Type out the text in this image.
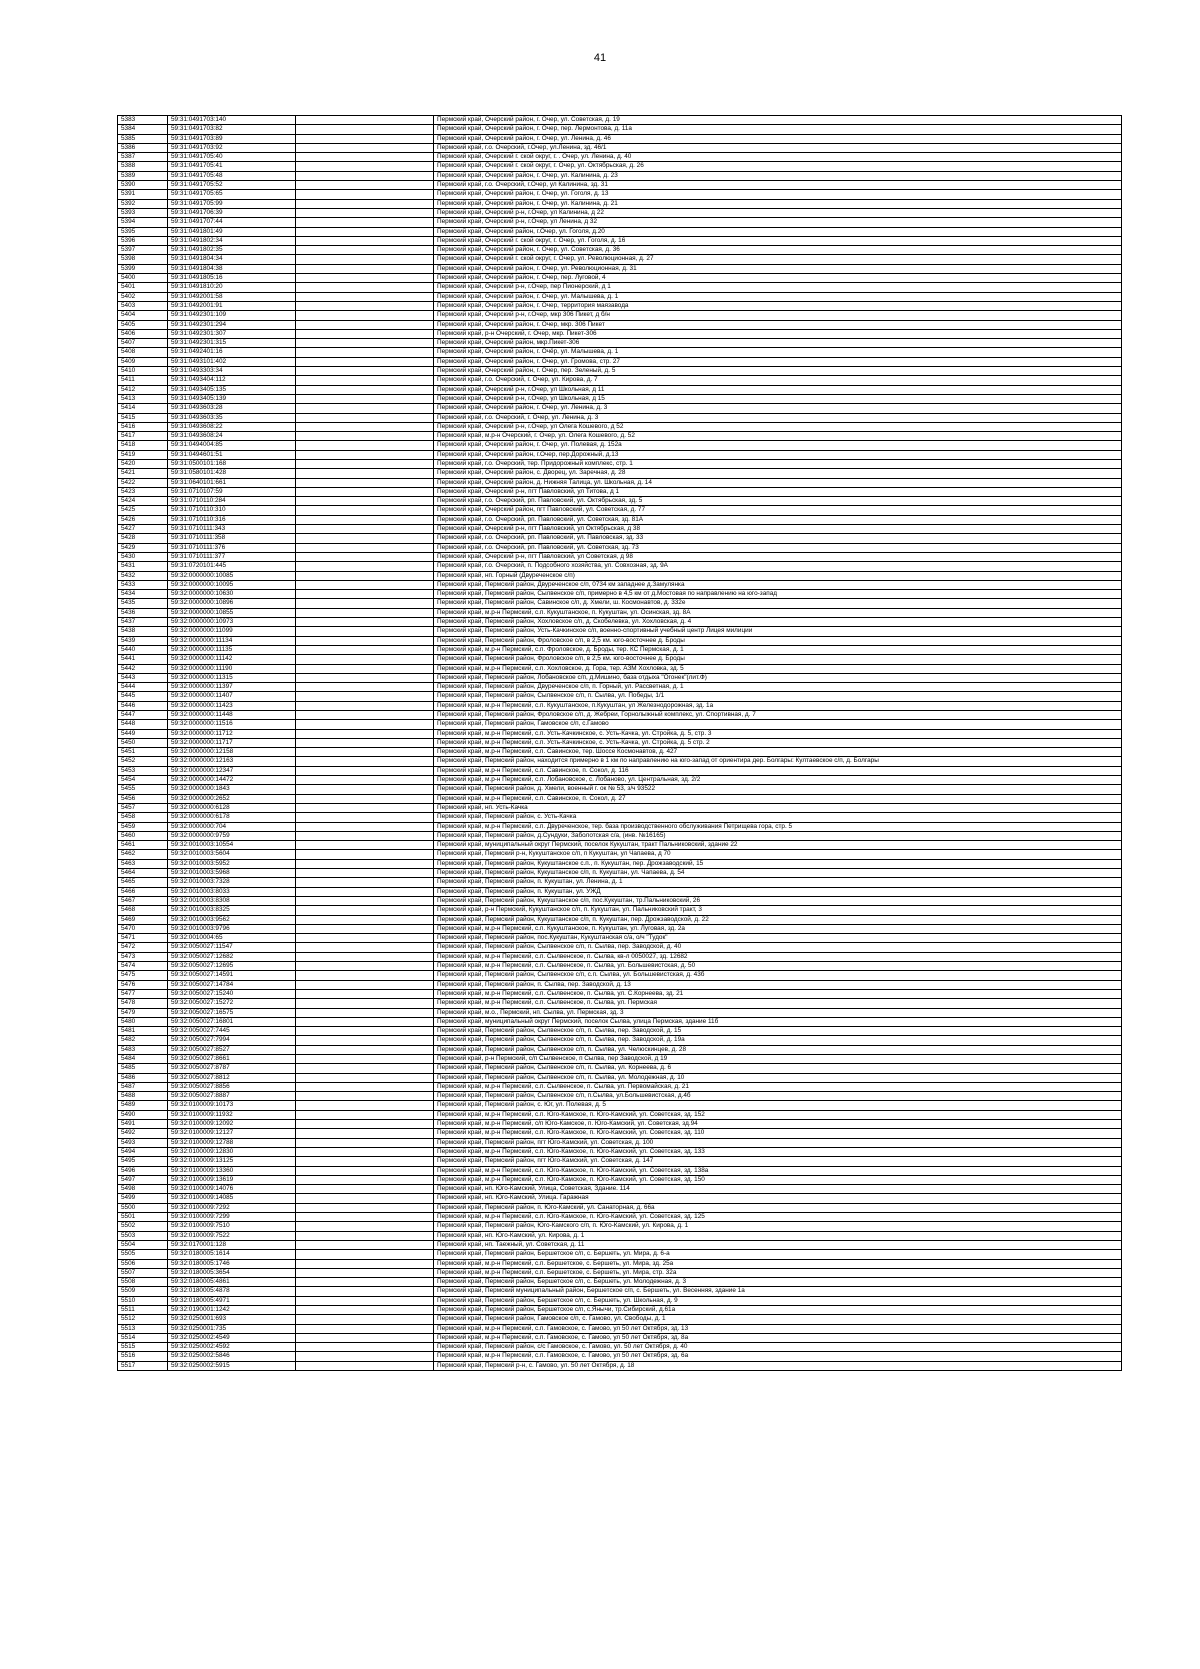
41
5383	59:31:0491703:140		Пермский край, Очерский район, г. Очер, ул. Советская, д. 19
5384	59:31:0491703:82		Пермский край, Очерский район, г. Очер, пер. Лермонтова, д. 11а
5385	59:31:0491703:89		Пермский край, Очерский район, г. Очер, ул. Ленина, д. 46
5386	59:31:0491703:92		Пермский край, г.о. Очерский, г.Очер, ул.Ленина, зд. 46/1
5387	59:31:0491705:40		Пермский край, Очерский г. ской округ, г. . Очер, ул. Ленина, д. 40
5388	59:31:0491705:41		Пермский край, Очерский г. ской округ, г. Очер, ул. Октябрьская, д. 26
5389	59:31:0491705:48		Пермский край, Очерский район, г. Очер, ул. Калинина, д. 23
5390	59:31:0491705:52		Пермский край, г.о. Очерский, г.Очер, ул Калинина, зд. 31
5391	59:31:0491705:65		Пермский край, Очерский район, г. Очер, ул. Гоголя, д. 13
5392	59:31:0491705:99		Пермский край, Очерский район, г. Очер, ул. Калинина, д. 21
5393	59:31:0491706:39		Пермский край, Очерский р-н, г.Очер, ул Калинина, д 22
5394	59:31:0491707:44		Пермский край, Очерский р-н, г.Очер, ул Ленина, д 32
5395	59:31:0491801:49		Пермский край, Очерский район, г.Очер, ул. Гоголя, д.20
5396	59:31:0491802:34		Пермский край, Очерский г. ской округ, г. Очер, ул. Гоголя, д. 16
5397	59:31:0491802:35		Пермский край, Очерский район, г. Очер, ул. Советская, д. 36
5398	59:31:0491804:34		Пермский край, Очерский г. ской округ, г. Очер, ул. Революционная, д. 27
5399	59:31:0491804:38		Пермский край, Очерский район, г. Очер, ул. Революционная, д. 31
5400	59:31:0491805:16		Пермский край, Очерский район, г. Очер, пер. Луговой, 4
5401	59:31:0491810:20		Пермский край, Очерский р-н, г.Очер, пер Пионерский, д 1
5402	59:31:0492001:58		Пермский край, Очерский район, г. Очер, ул. Малышева, д. 1
5403	59:31:0492001:91		Пермский край, Очерский район, г. Очер, территория маязавода
5404	59:31:0492301:109		Пермский край, Очерский р-н, г.Очер, мкр 306 Пикет, д б/н
5405	59:31:0492301:294		Пермский край, Очерский район, г. Очер, мкр. 306 Пикет
5406	59:31:0492301:307		Пермский край, р-н Очерский, г. Очер, мкр. Пикет-306
5407	59:31:0492301:315		Пермский край, Очерский район, мкр.Пикет-306
5408	59:31:0492401:16		Пермский край, Очерский район, г. Очёр, ул. Малышева, д. 1
5409	59:31:0493101:402		Пермский край, Очерский район, г. Очер, ул. Громова, стр. 27
5410	59:31:0493303:34		Пермский край, Очерский район, г. Очер, пер. Зеленый, д. 5
5411	59:31:0493404:112		Пермский край, г.о. Очерский, г. Очер, ул. Кирова, д. 7
5412	59:31:0493405:135		Пермский край, Очерский р-н, г.Очер, ул Школьная, д 11
5413	59:31:0493405:139		Пермский край, Очерский р-н, г.Очер, ул Школьная, д 15
5414	59:31:0493603:28		Пермский край, Очерский район, г. Очер, ул. Ленина, д. 3
5415	59:31:0493603:35		Пермский край, г.о. Очерский, г. Очер, ул. Ленина, д. 3
5416	59:31:0493608:22		Пермский край, Очерский р-н, г.Очер, ул Олега Кошевого, д 52
5417	59:31:0493608:24		Пермский край, м.р-н Очерский, г. Очер, ул. Олега Кошевого, д. 52
5418	59:31:0494004:85		Пермский край, Очерский район, г. Очер, ул. Полевая, д. 152а
5419	59:31:0494601:51		Пермский край, Очерский район, г.Очер, пер.Дорожный, д.13
5420	59:31:0500101:168		Пермский край, г.о. Очерский, тер. Придорожный комплекс, стр. 1
5421	59:31:0580101:428		Пермский край, Очерский район, с. Дворец, ул. Заречная, д. 28
5422	59:31:0640101:661		Пермский край, Очерский район, д. Нижняя Талица, ул. Школьная, д. 14
5423	59:31:0710107:59		Пермский край, Очерский р-н, пгт Павловский, ул Титова, д 1
5424	59:31:0710110:284		Пермский край, г.о. Очерский, рп. Павловский, ул. Октябрьская, зд. 5
5425	59:31:0710110:310		Пермский край, Очерский район, пгт Павловский, ул. Советская, д. 77
5426	59:31:0710110:316		Пермский край, г.о. Очерский, рп. Павловский, ул. Советская, зд. 81А
5427	59:31:0710111:343		Пермский край, Очерский р-н, пгт Павловский, ул Октябрьская, д 38
5428	59:31:0710111:358		Пермский край, г.о. Очерский, рп. Павловский, ул. Павловская, зд. 33
5429	59:31:0710111:376		Пермский край, г.о. Очерский, рп. Павловский, ул. Советская, зд. 73
5430	59:31:0710111:377		Пермский край, Очерский р-н, пгт Павловский, ул Советская, д 98
5431	59:31:0720101:445		Пермский край, г.о. Очерский, п. Подсобного хозяйства, ул. Совхозная, зд. 9А
5432	59:32:0000000:10085		Пермский край, нп. Горный (Двуреченское с/п)
5433	59:32:0000000:10095		Пермский край, Пермский район, Двуреченское с/п, 0734 км западнее д.Замулянка
5434	59:32:0000000:10630		Пермский край, Пермский район, Сылвенское с/п, примерно в 4,5 км от д.Мостовая по направлению на юго-запад
5435	59:32:0000000:10896		Пермский край, Пермский район, Савинское с/п, д. Хмели, ш. Космонавтов, д. 332е
5436	59:32:0000000:10855		Пермский край, м.р-н Пермский, с.п. Кукуштанское, п. Кукуштан, ул. Осинская, зд. 8А
5437	59:32:0000000:10973		Пермский край, Пермский район, Хохловское с/п, д. Скобелевка, ул. Хохловская, д. 4
5438	59:32:0000000:11099		Пермский край, Пермский район, Усть-Качкинское с/п, военно-спортивный учебный центр Лицея милиции
5439	59:32:0000000:11134		Пермский край, Пермский район, Фроловское с/п, в 2,5 км. юго-восточнее д. Броды
5440	59:32:0000000:11135		Пермский край, м.р-н Пермский, с.п. Фроловское, д. Броды, тер. КС Пермская, д. 1
5441	59:32:0000000:11142		Пермский край, Пермский район, Фроловское с/п, в 2,5 км. юго-восточнее д. Броды
5442	59:32:0000000:11190		Пермский край, м.р-н Пермский, с.п. Хохловское, д. Гора, тер. АЗМ Хохловка, зд. 5
5443	59:32:0000000:11315		Пермский край, Пермский район, Лобановское с/п, д.Мишино, база отдыха "Огонек"(лит.Ф)
5444	59:32:0000000:11397		Пермский край, Пермский район, Двуреченское с/п, п. Горный, ул. Рассветная, д. 1
5445	59:32:0000000:11407		Пермский край, Пермский район, Сылвенское с/п, п. Сылва, ул. Победы, 1/1
5446	59:32:0000000:11423		Пермский край, м.р-н Пермский, с.п. Кукуштанское, п.Кукуштан, ул Железнодорожная, зд. 1а
5447	59:32:0000000:11448		Пермский край, Пермский район, Фроловское с/п, д. Жебреи, Горнолыжный комплекс, ул. Спортивная, д. 7
5448	59:32:0000000:11516		Пермский край, Пермский район, Гамовское с/п, с.Гамово
5449	59:32:0000000:11712		Пермский край, м.р-н Пермский, с.п. Усть-Качкинское, с. Усть-Качка, ул. Стройка, д. 5, стр. 3
5450	59:32:0000000:11717		Пермский край, м.р-н Пермский, с.п. Усть-Качкинское, с. Усть-Качка, ул. Стройка, д. 5 стр. 2
5451	59:32:0000000:12158		Пермский край, м.р-н Пермский, с.п. Савинское, тер. Шоссе Космонавтов, д. 427
5452	59:32:0000000:12163		Пермский край, Пермский район, находится примерно в 1 км по направлению на юго-запад от ориентира дер. Болгары: Култаевское с/п, д. Болгары
5453	59:32:0000000:12347		Пермский край, м.р-н Пермский, с.п. Савинское, п. Сокол, д. 116
5454	59:32:0000000:14472		Пермский край, м.р-н Пермский, с.п. Лобановское, с. Лобаново, ул. Центральная, зд. 2/2
5455	59:32:0000000:1843		Пермский край, Пермский район, д. Хмели, военный г. ок № 53, з/ч 93522
5456	59:32:0000000:2652		Пермский край, м.р-н Пермский, с.п. Савинское, п. Сокол, д. 27
5457	59:32:0000000:6128		Пермский край, нп. Усть-Качка
5458	59:32:0000000:6178		Пермский край, Пермский район, с. Усть-Качка
5459	59:32:0000000:704		Пермский край, м.р-н Пермский, с.п. Двуреченское, тер. база производственного обслуживания Петрищева гора, стр. 5
5460	59:32:0000000:9759		Пермский край, Пермский район, д.Сундуки, Заболотская с/а, (инв. №16165)
5461	59:32:0010003:10554		Пермский край, муниципальный округ Пермский, поселок Кукуштан, тракт Пальниковский, здание 22
5462	59:32:0010003:5604		Пермский край, Пермский р-н, Кукуштанское с/п, п Кукуштан, ул Чапаева, д 70
5463	59:32:0010003:5952		Пермский край, Пермский район, Кукуштанское с.п., п. Кукуштан, пер. Дрожзаводский, 15
5464	59:32:0010003:5968		Пермский край, Пермский район, Кукуштанское с/п, п. Кукуштан, ул. Чапаева, д. 54
5465	59:32:0010003:7328		Пермский край, Пермский район, п. Кукуштан, ул. Ленина, д. 1
5466	59:32:0010003:8033		Пермский край, Пермский район, п. Кукуштан, ул. УЖД
5467	59:32:0010003:8308		Пермский край, Пермский район, Кукуштанское с/п, пос.Кукуштан, тр.Пальниковский, 26
5468	59:32:0010003:8325		Пермский край, р-н Пермский, Кукуштанское с/п, п. Кукуштан, ул. Пальниковский тракт, 3
5469	59:32:0010003:9562		Пермский край, Пермский район, Кукуштанское с/п, п. Кукуштан, пер. Дрожзаводской, д. 22
5470	59:32:0010003:9796		Пермский край, м.р-н Пермский, с.п. Кукуштанское, п. Кукуштан, ул. Луговая, зд. 2а
5471	59:32:0010004:65		Пермский край, Пермский район, пос.Кукуштан, Кукуштанская с/а, о/ч "Тудок"
5472	59:32:0050027:11547		Пермский край, Пермский район, Сылвенское с/п, п. Сылва, пер. Заводской, д. 40
5473	59:32:0050027:12682		Пермский край, м.р-н Пермский, с.п. Сылвенское, п. Сылва, кв-л 0050027, зд. 12682
5474	59:32:0050027:12695		Пермский край, м.р-н Пермский, с.п. Сылвенское, п. Сылва, ул. Большевистская, д. 50
5475	59:32:0050027:14591		Пермский край, Пермский район, Сылвенское с/п, с.п. Сылва, ул. Большевистская, д. 43б
5476	59:32:0050027:14784		Пермский край, Пермский район, п. Сылва, пер. Заводской, д. 13
5477	59:32:0050027:15240		Пермский край, м.р-н Пермский, с.п. Сылвенское, п. Сылва, ул. С.Корнеева, зд. 21
5478	59:32:0050027:15272		Пермский край, м.р-н Пермский, с.п. Сылвенское, п. Сылва, ул. Пермская
5479	59:32:0050027:16575		Пермский край, м.о., Пермский, нп. Сылва, ул. Пермская, зд. 3
5480	59:32:0050027:16801		Пермский край, муниципальный округ Пермский, поселок Сылва, улица Пермская, здание 11б
5481	59:32:0050027:7445		Пермский край, Пермский район, Сылвенское с/п, п. Сылва, пер. Заводской, д. 15
5482	59:32:0050027:7994		Пермский край, Пермский район, Сылвенское с/п, п. Сылва, пер. Заводской, д. 19а
5483	59:32:0050027:8527		Пермский край, Пермский район, Сылвенское с/п, п. Сылва, ул. Челюскинцев, д. 28
5484	59:32:0050027:8661		Пермский край, р-н Пермский, с/п Сылвенское, п Сылва, пер Заводской, д 19
5485	59:32:0050027:8787		Пермский край, Пермский район, Сылвенское с/п, п. Сылва, ул. Корнеева, д. 6
5486	59:32:0050027:8812		Пермский край, Пермский район, Сылвенское с/п, п. Сылва, ул. Молодежная, д. 10
5487	59:32:0050027:8856		Пермский край, м.р-н Пермский, с.п. Сылвенское, п. Сылва, ул. Первомайская, д. 21
5488	59:32:0050027:8887		Пермский край, Пермский район, Сылвенское с/п, п.Сылва, ул.Большевистская, д.4б
5489	59:32:0100009:10173		Пермский край, Пермский район, с. Юг, ул. Полевая, д. 5
5490	59:32:0100009:11932		Пермский край, м.р-н Пермский, с.п. Юго-Камское, п. Юго-Камский, ул. Советская, зд. 152
5491	59:32:0100009:12092		Пермский край, м.р-н Пермский, с/п Юго-Камское, п. Юго-Камский, ул. Советская, зд.94
5492	59:32:0100009:12127		Пермский край, м.р-н Пермский, с.п. Юго-Камское, п. Юго-Камский, ул. Советская, зд. 110
5493	59:32:0100009:12788		Пермский край, Пермский район, пгт Юго-Камский, ул. Советская, д. 100
5494	59:32:0100009:12830		Пермский край, м.р-н Пермский, с.п. Юго-Камское, п. Юго-Камский, ул. Советская, зд. 133
5495	59:32:0100009:13125		Пермский край, Пермский район, пгт Юго-Камский, ул. Советская, д. 147
5496	59:32:0100009:13360		Пермский край, м.р-н Пермский, с.п. Юго-Камское, п. Юго-Камский, ул. Советская, зд. 138а
5497	59:32:0100009:13619		Пермский край, м.р-н Пермский, с.п. Юго-Камское, п. Юго-Камский, ул. Советская, зд. 150
5498	59:32:0100009:14076		Пермский край, нп. Юго-Камский, Улица, Советская, Здание. 114
5499	59:32:0100009:14085		Пермский край, нп. Юго-Камский, Улица. Гаражная
5500	59:32:0100009:7292		Пермский край, Пермский район, п. Юго-Камский, ул. Санаторная, д. 66а
5501	59:32:0100009:7299		Пермский край, м.р-н Пермский, с.п. Юго-Камское, п. Юго-Камский, ул. Советская, зд. 125
5502	59:32:0100009:7510		Пермский край, Пермский район, Юго-Камского с/п, п. Юго-Камский, ул. Кирова, д. 1
5503	59:32:0100009:7522		Пермский край, нп. Юго-Камский, ул. Кирова, д. 1
5504	59:32:0170001:128		Пермский край, нп. Таежный, ул. Советская, д. 11
5505	59:32:0180005:1614		Пермский край, Пермский район, Бершетское с/п, с. Бершеть, ул. Мира, д. 6-а
5506	59:32:0180005:1746		Пермский край, м.р-н Пермский, с.п. Бершетское, с. Бершеть, ул. Мира, зд. 25а
5507	59:32:0180005:3654		Пермский край, м.р-н Пермский, с.п. Бершетское, с. Бершеть, ул. Мира, стр. 32а
5508	59:32:0180005:4861		Пермский край, Пермский район, Бершетское с/п, с. Бершеть, ул. Молодежная, д. 3
5509	59:32:0180005:4878		Пермский край, Пермский муниципальный район, Бершетское с/п, с. Бершеть, ул. Весенняя, здание 1а
5510	59:32:0180005:4971		Пермский край, Пермский район, Бершетское с/п, с. Бершеть, ул. Школьная, д. 9
5511	59:32:0190001:1242		Пермский край, Пермский район, Бершетское с/п, с.Янычи, тр.Сибирский, д.61а
5512	59:32:0250001:693		Пермский край, Пермский район, Гамовское с/п, с. Гамово, ул. Свободы, д. 1
5513	59:32:0250001:735		Пермский край, м.р-н Пермский, с.п. Гамовское, с. Гамово, ул 50 лет Октября, зд. 13
5514	59:32:0250002:4549		Пермский край, м.р-н Пермский, с.п. Гамовское, с. Гамово, ул 50 лет Октября, зд. 8а
5515	59:32:0250002:4592		Пермский край, Пермский район, с/с Гамовское, с. Гамово, ул. 50 лет Октября, д. 40
5516	59:32:0250002:5846		Пермский край, м.р-н Пермский, с.п. Гамовское, с. Гамово, ул 50 лет Октября, зд. 6а
5517	59:32:0250002:5915		Пермский край, Пермский р-н, с. Гамово, ул. 50 лет Октября, д. 18
